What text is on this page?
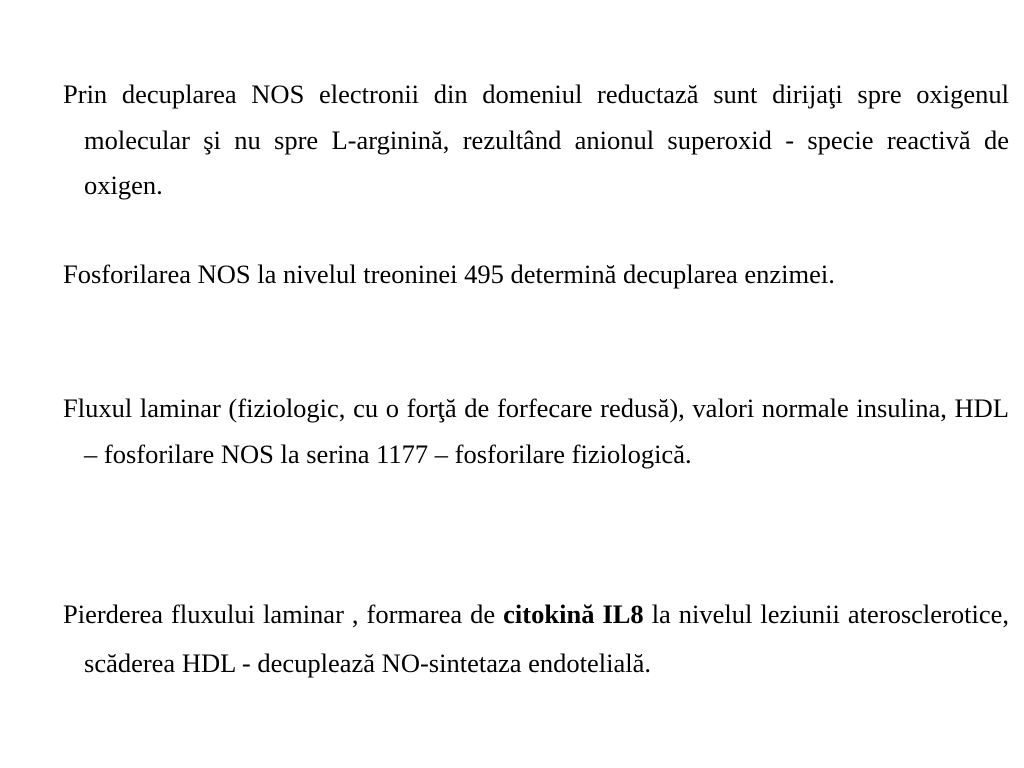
Prin decuplarea NOS electronii din domeniul reductază sunt dirijaţi spre oxigenul molecular şi nu spre L-arginină, rezultând anionul superoxid - specie reactivă de oxigen.

Fosforilarea NOS la nivelul treoninei 495 determină decuplarea enzimei.

Fluxul laminar (fiziologic, cu o forţă de forfecare redusă), valori normale insulina, HDL – fosforilare NOS la serina 1177 – fosforilare fiziologică.

Pierderea fluxului laminar , formarea de citokină IL8 la nivelul leziunii aterosclerotice, scăderea HDL - decuplează NO-sintetaza endotelială.
